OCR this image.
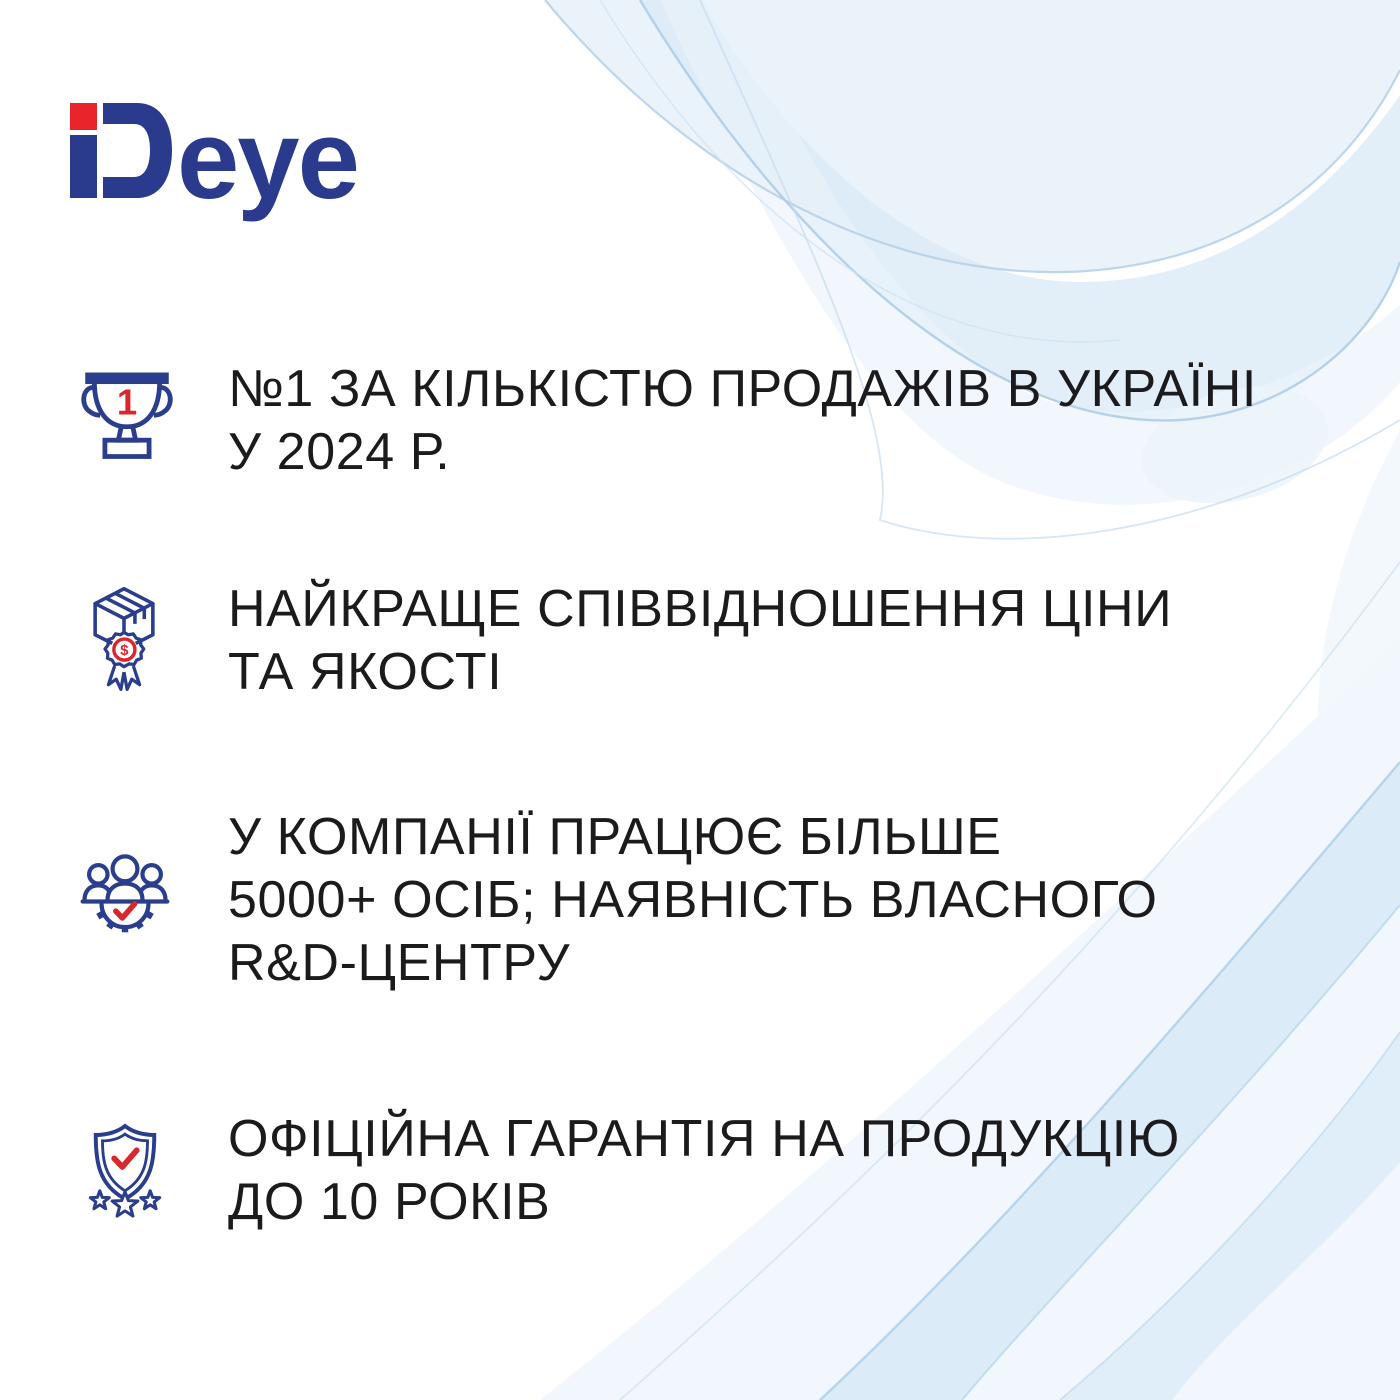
eye
1 №1 ЗА КІЛЬКІСТЮ ПРОДАЖІВ В УКРАЇНІ
У 2024 Р.
$
НАЙКРАЩЕ СПІВВІДНОШЕННЯ ЦІНИ
ТА ЯКОСТІ
У КОМПАНІЇ ПРАЦЮЄ БІЛЬШЕ
5000+ ОСІБ; НАЯВНІСТЬ ВЛАСНОГО
R&D-ЦЕНТРУ
ОФІЦІЙНА ГАРАНТІЯ НА ПРОДУКЦІЮ
ДО 10 РОКІВ
